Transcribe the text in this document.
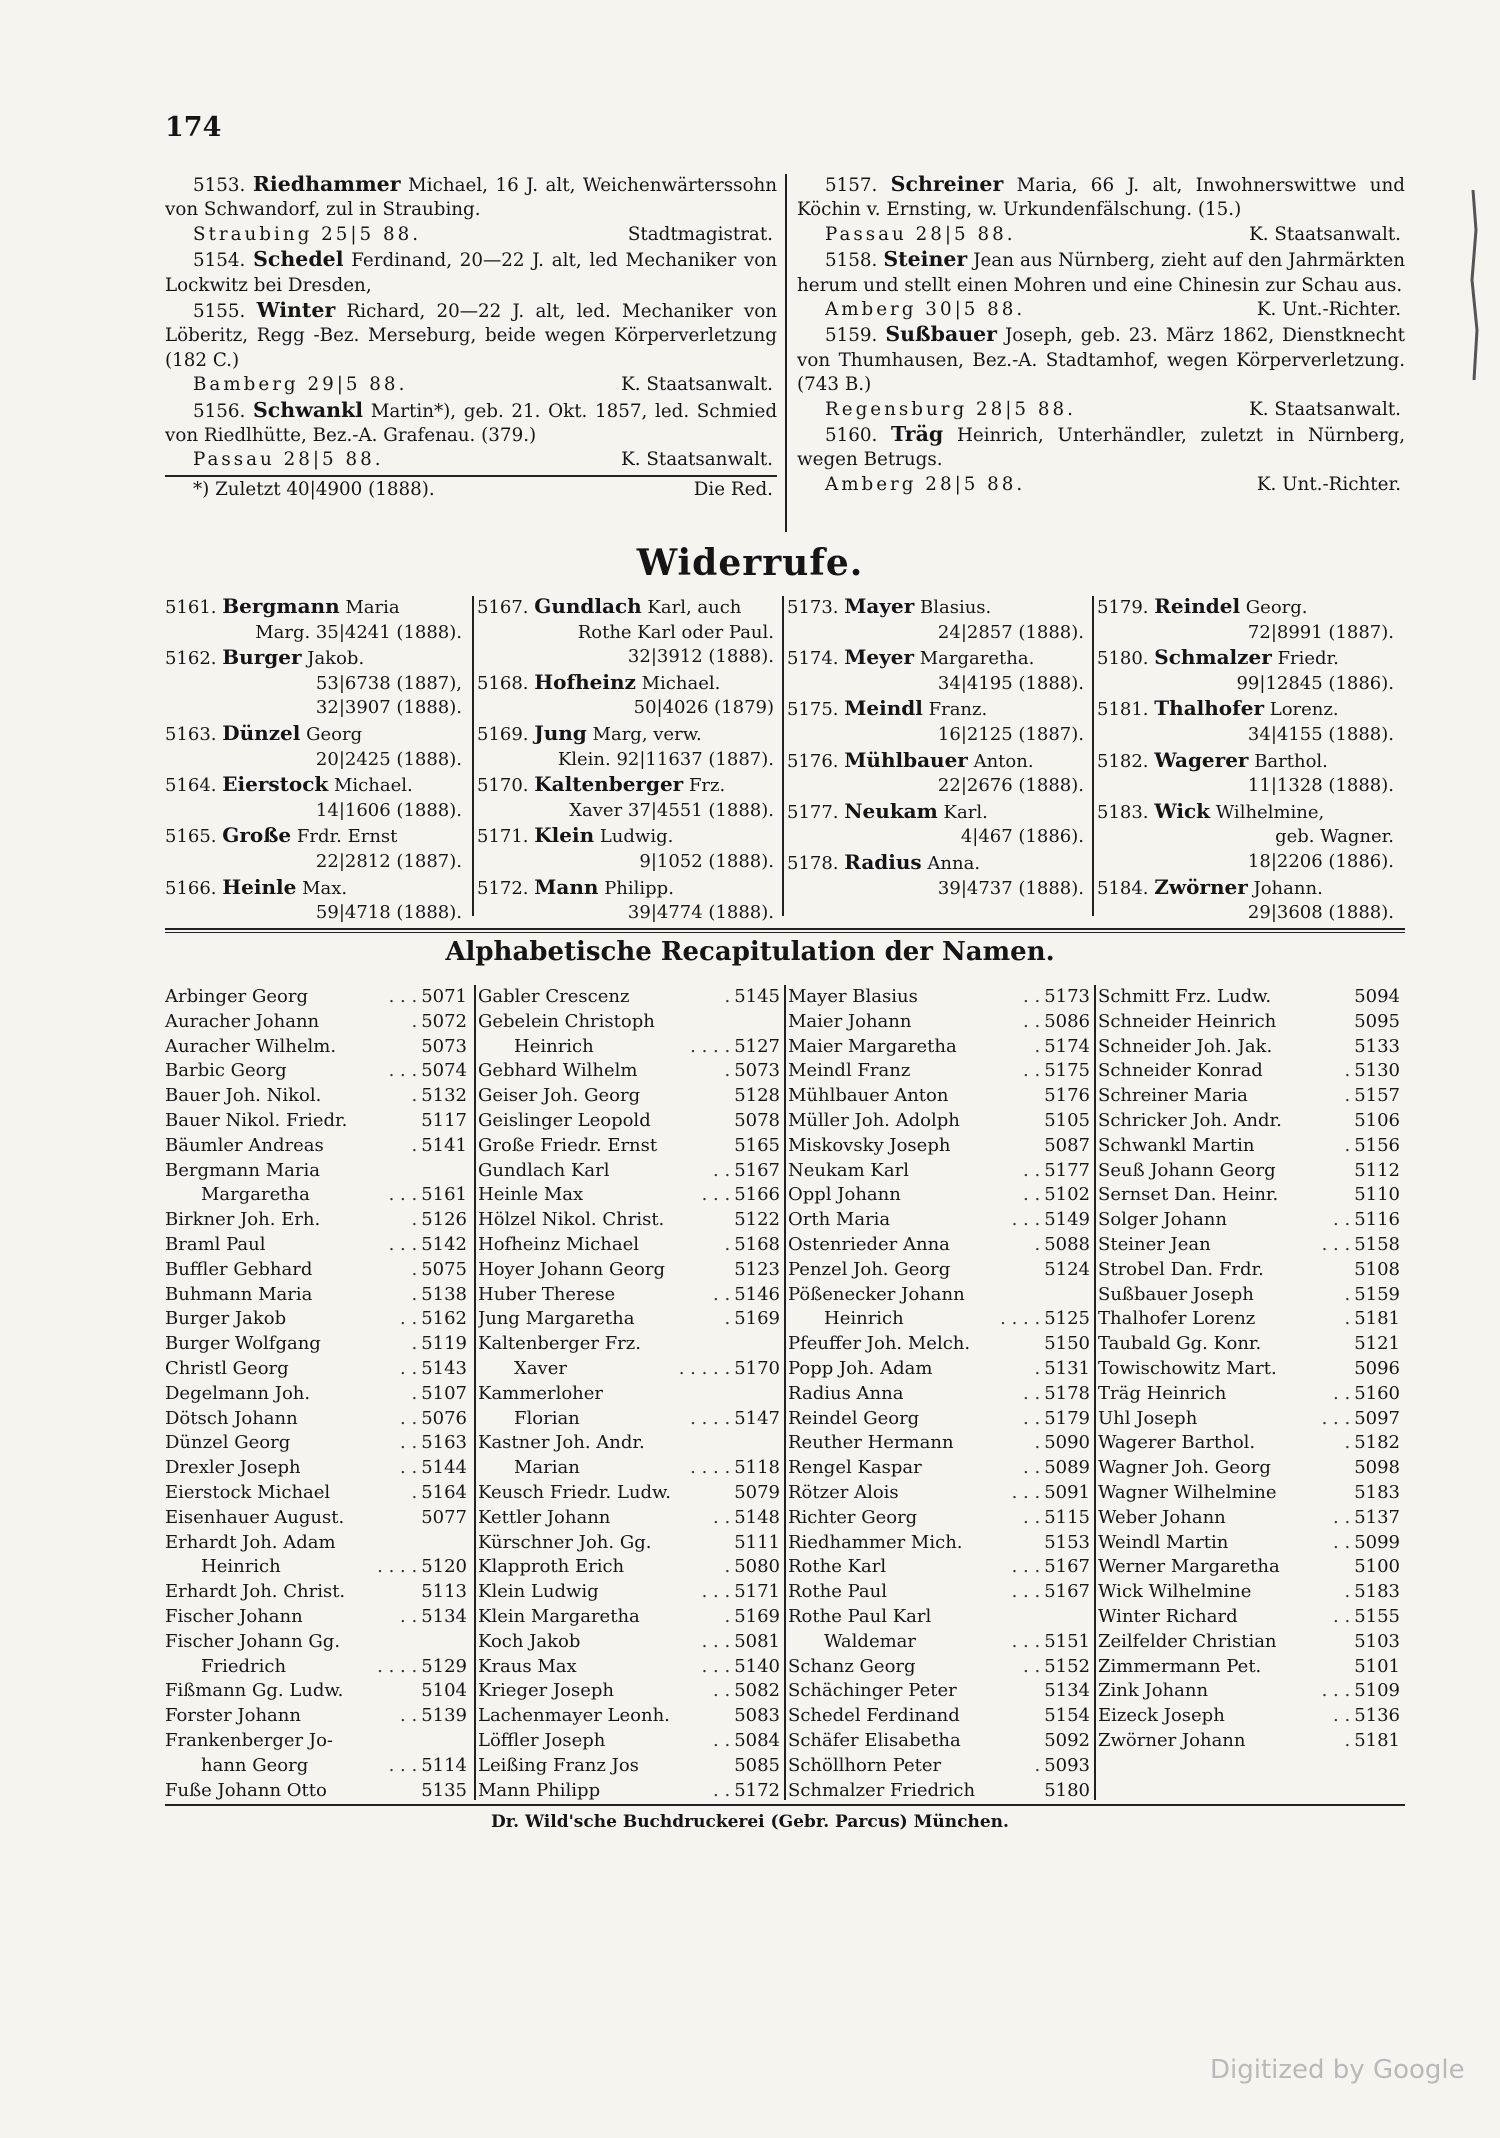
174

5153. Riedhammer Michael, 16 J. alt, Weichenwärterssohn von Schwandorf, zul in Straubing.

Straubing 25|5 88.	Stadtmagistrat.

5154. Schedel Ferdinand, 20—22 J. alt, led Mechaniker von Lockwitz bei Dresden,

5155. Winter Richard, 20—22 J. alt, led. Mechaniker von Löberitz, Regg -Bez. Merseburg, beide wegen Körperverletzung (182 C.)

Bamberg 29|5 88.	K. Staatsanwalt.

5156. Schwankl Martin*), geb. 21. Okt. 1857, led. Schmied von Riedlhütte, Bez.-A. Grafenau. (379.)

Passau 28|5 88.	K. Staatsanwalt.
*) Zuletzt 40|4900 (1888).	Die Red.

5157. Schreiner Maria, 66 J. alt, Inwohnerswittwe und Köchin v. Ernsting, w. Urkundenfälschung. (15.)

Passau 28|5 88.	K. Staatsanwalt.

5158. Steiner Jean aus Nürnberg, zieht auf den Jahrmärkten herum und stellt einen Mohren und eine Chinesin zur Schau aus.

Amberg 30|5 88.	K. Unt.-Richter.

5159. Sußbauer Joseph, geb. 23. März 1862, Dienstknecht von Thumhausen, Bez.-A. Stadtamhof, wegen Körperverletzung. (743 B.)

Regensburg 28|5 88.	K. Staatsanwalt.

5160. Träg Heinrich, Unterhändler, zuletzt in Nürnberg, wegen Betrugs.

Amberg 28|5 88.	K. Unt.-Richter.
Widerrufe.
5161. Bergmann Maria
Marg. 35|4241 (1888).
5162. Burger Jakob.
53|6738 (1887),
32|3907 (1888).
5163. Dünzel Georg
20|2425 (1888).
5164. Eierstock Michael.
14|1606 (1888).
5165. Große Frdr. Ernst
22|2812 (1887).
5166. Heinle Max.
59|4718 (1888).
5167. Gundlach Karl, auch
Rothe Karl oder Paul.
32|3912 (1888).
5168. Hofheinz Michael.
50|4026 (1879)
5169. Jung Marg, verw.
Klein. 92|11637 (1887).
5170. Kaltenberger Frz.
Xaver 37|4551 (1888).
5171. Klein Ludwig.
9|1052 (1888).
5172. Mann Philipp.
39|4774 (1888).
5173. Mayer Blasius.
24|2857 (1888).
5174. Meyer Margaretha.
34|4195 (1888).
5175. Meindl Franz.
16|2125 (1887).
5176. Mühlbauer Anton.
22|2676 (1888).
5177. Neukam Karl.
4|467 (1886).
5178. Radius Anna.
39|4737 (1888).
5179. Reindel Georg.
72|8991 (1887).
5180. Schmalzer Friedr.
99|12845 (1886).
5181. Thalhofer Lorenz.
34|4155 (1888).
5182. Wagerer Barthol.
11|1328 (1888).
5183. Wick Wilhelmine,
geb. Wagner.
18|2206 (1886).
5184. Zwörner Johann.
29|3608 (1888).
Alphabetische Recapitulation der Namen.
Arbinger Georg	. . . 5071
Auracher Johann	. 5072
Auracher Wilhelm.	5073
Barbic Georg	. . . 5074
Bauer Joh. Nikol.	. 5132
Bauer Nikol. Friedr.	5117
Bäumler Andreas	. 5141
Bergmann Maria
Margaretha	. . . 5161
Birkner Joh. Erh.	. 5126
Braml Paul	. . . 5142
Buffler Gebhard	. 5075
Buhmann Maria	. 5138
Burger Jakob	. . 5162
Burger Wolfgang	. 5119
Christl Georg	. . 5143
Degelmann Joh.	. 5107
Dötsch Johann	. . 5076
Dünzel Georg	. . 5163
Drexler Joseph	. . 5144
Eierstock Michael	. 5164
Eisenhauer August.	5077
Erhardt Joh. Adam
Heinrich	. . . . 5120
Erhardt Joh. Christ.	5113
Fischer Johann	. . 5134
Fischer Johann Gg.
Friedrich	. . . . 5129
Fißmann Gg. Ludw.	5104
Forster Johann	. . 5139
Frankenberger Jo-
hann Georg	. . . 5114
Fuße Johann Otto	5135
Gabler Crescenz	. 5145
Gebelein Christoph
Heinrich	. . . . 5127
Gebhard Wilhelm	. 5073
Geiser Joh. Georg	5128
Geislinger Leopold	5078
Große Friedr. Ernst	5165
Gundlach Karl	. . 5167
Heinle Max	. . . 5166
Hölzel Nikol. Christ.	5122
Hofheinz Michael	. 5168
Hoyer Johann Georg	5123
Huber Therese	. . 5146
Jung Margaretha	. 5169
Kaltenberger Frz.
Xaver	. . . . . 5170
Kammerloher
Florian	. . . . 5147
Kastner Joh. Andr.
Marian	. . . . 5118
Keusch Friedr. Ludw.	5079
Kettler Johann	. . 5148
Kürschner Joh. Gg.	5111
Klapproth Erich	. 5080
Klein Ludwig	. . . 5171
Klein Margaretha	. 5169
Koch Jakob	. . . 5081
Kraus Max	. . . 5140
Krieger Joseph	. . 5082
Lachenmayer Leonh.	5083
Löffler Joseph	. . 5084
Leißing Franz Jos	5085
Mann Philipp	. . 5172
Mayer Blasius	. . 5173
Maier Johann	. . 5086
Maier Margaretha	. 5174
Meindl Franz	. . 5175
Mühlbauer Anton	5176
Müller Joh. Adolph	5105
Miskovsky Joseph	5087
Neukam Karl	. . 5177
Oppl Johann	. . 5102
Orth Maria	. . . 5149
Ostenrieder Anna	. 5088
Penzel Joh. Georg	5124
Pößenecker Johann
Heinrich	. . . . 5125
Pfeuffer Joh. Melch.	5150
Popp Joh. Adam	. 5131
Radius Anna	. . 5178
Reindel Georg	. . 5179
Reuther Hermann	. 5090
Rengel Kaspar	. . 5089
Rötzer Alois	. . . 5091
Richter Georg	. . 5115
Riedhammer Mich.	5153
Rothe Karl	. . . 5167
Rothe Paul	. . . 5167
Rothe Paul Karl
Waldemar	. . . 5151
Schanz Georg	. . 5152
Schächinger Peter	5134
Schedel Ferdinand	5154
Schäfer Elisabetha	5092
Schöllhorn Peter	. 5093
Schmalzer Friedrich	5180
Schmitt Frz. Ludw.	5094
Schneider Heinrich	5095
Schneider Joh. Jak.	5133
Schneider Konrad	. 5130
Schreiner Maria	. 5157
Schricker Joh. Andr.	5106
Schwankl Martin	. 5156
Seuß Johann Georg	5112
Sernset Dan. Heinr.	5110
Solger Johann	. . 5116
Steiner Jean	. . . 5158
Strobel Dan. Frdr.	5108
Sußbauer Joseph	. 5159
Thalhofer Lorenz	. 5181
Taubald Gg. Konr.	5121
Towischowitz Mart.	5096
Träg Heinrich	. . 5160
Uhl Joseph	. . . 5097
Wagerer Barthol.	. 5182
Wagner Joh. Georg	5098
Wagner Wilhelmine	5183
Weber Johann	. . 5137
Weindl Martin	. . 5099
Werner Margaretha	5100
Wick Wilhelmine	. 5183
Winter Richard	. . 5155
Zeilfelder Christian	5103
Zimmermann Pet.	5101
Zink Johann	. . . 5109
Eizeck Joseph	. . 5136
Zwörner Johann	. 5181
Dr. Wild'sche Buchdruckerei (Gebr. Parcus) München.
Digitized by Google
